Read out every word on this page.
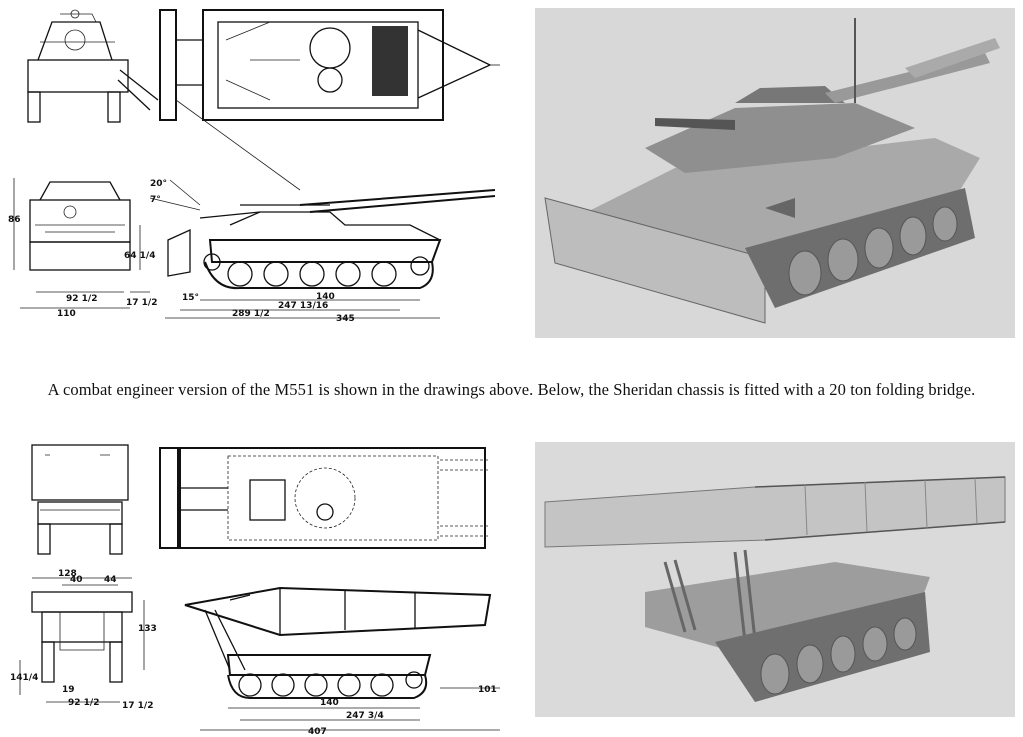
86
64 1/4
92 1/2	17 1/2
110
20°
7°
15°	140
247 13/16
289 1/2	345
A combat engineer version of the M551 is shown in the drawings above. Below, the Sheridan chassis is fitted with a 20 ton folding bridge.
128
40 44
133
141/4
19
92 1/2	17 1/2
101
140
247 3/4
407
